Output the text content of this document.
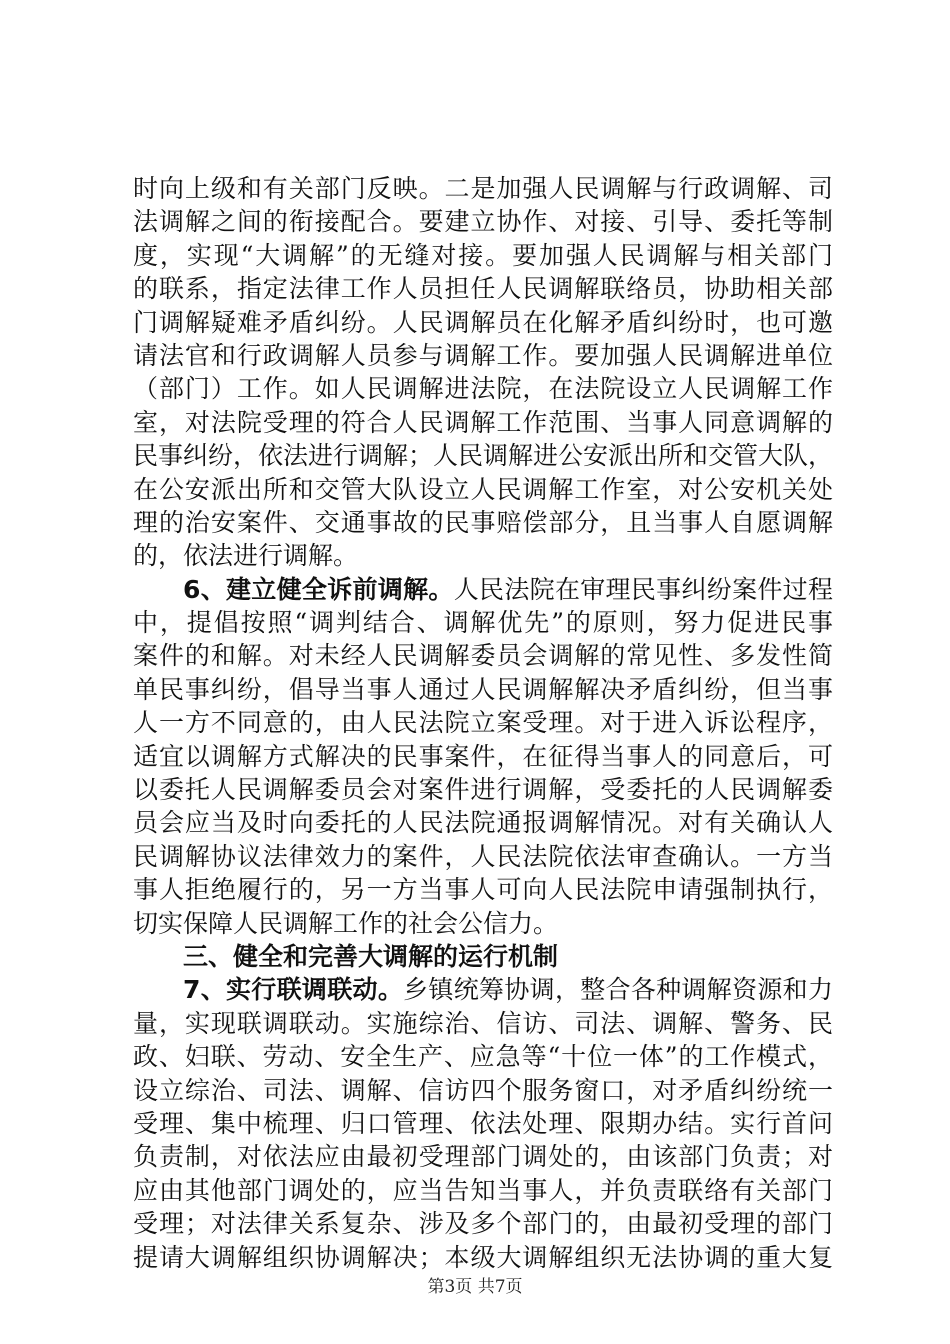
时向上级和有关部门反映。二是加强人民调解与行政调解、司
法调解之间的衔接配合。要建立协作、对接、引导、委托等制
度，实现“大调解”的无缝对接。要加强人民调解与相关部门
的联系，指定法律工作人员担任人民调解联络员，协助相关部
门调解疑难矛盾纠纷。人民调解员在化解矛盾纠纷时，也可邀
请法官和行政调解人员参与调解工作。要加强人民调解进单位
（部门）工作。如人民调解进法院，在法院设立人民调解工作
室，对法院受理的符合人民调解工作范围、当事人同意调解的
民事纠纷，依法进行调解；人民调解进公安派出所和交管大队，
在公安派出所和交管大队设立人民调解工作室，对公安机关处
理的治安案件、交通事故的民事赔偿部分，且当事人自愿调解
的，依法进行调解。
6、建立健全诉前调解。人民法院在审理民事纠纷案件过程
中，提倡按照“调判结合、调解优先”的原则，努力促进民事
案件的和解。对未经人民调解委员会调解的常见性、多发性简
单民事纠纷，倡导当事人通过人民调解解决矛盾纠纷，但当事
人一方不同意的，由人民法院立案受理。对于进入诉讼程序，
适宜以调解方式解决的民事案件，在征得当事人的同意后，可
以委托人民调解委员会对案件进行调解，受委托的人民调解委
员会应当及时向委托的人民法院通报调解情况。对有关确认人
民调解协议法律效力的案件，人民法院依法审查确认。一方当
事人拒绝履行的，另一方当事人可向人民法院申请强制执行，
切实保障人民调解工作的社会公信力。
三、健全和完善大调解的运行机制
7、实行联调联动。乡镇统筹协调，整合各种调解资源和力
量，实现联调联动。实施综治、信访、司法、调解、警务、民
政、妇联、劳动、安全生产、应急等“十位一体”的工作模式，
设立综治、司法、调解、信访四个服务窗口，对矛盾纠纷统一
受理、集中梳理、归口管理、依法处理、限期办结。实行首问
负责制，对依法应由最初受理部门调处的，由该部门负责；对
应由其他部门调处的，应当告知当事人，并负责联络有关部门
受理；对法律关系复杂、涉及多个部门的，由最初受理的部门
提请大调解组织协调解决；本级大调解组织无法协调的重大复
第3页 共7页
